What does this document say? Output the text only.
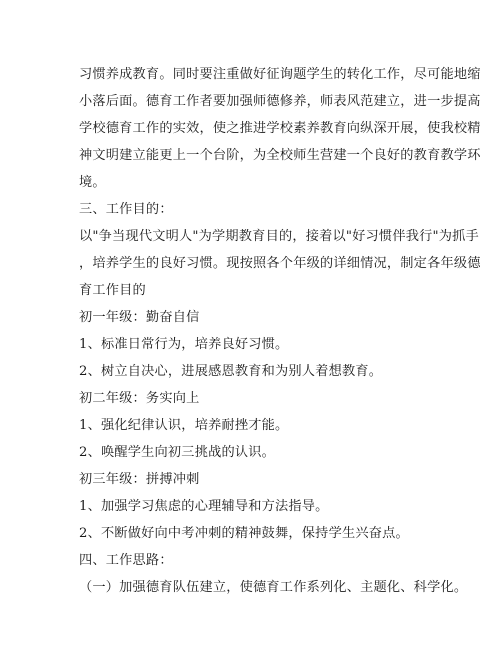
习惯养成教育。同时要注重做好征询题学生的转化工作，尽可能地缩
小落后面。德育工作者要加强师德修养，师表风范建立，进一步提高
学校德育工作的实效，使之推进学校素养教育向纵深开展，使我校精
神文明建立能更上一个台阶，为全校师生营建一个良好的教育教学环
境。
三、工作目的：
以"争当现代文明人"为学期教育目的，接着以"好习惯伴我行"为抓手
，培养学生的良好习惯。现按照各个年级的详细情况，制定各年级德
育工作目的
初一年级：勤奋自信
1、标准日常行为，培养良好习惯。
2、树立自决心，进展感恩教育和为别人着想教育。
初二年级：务实向上
1、强化纪律认识，培养耐挫才能。
2、唤醒学生向初三挑战的认识。
初三年级：拼搏冲刺
1、加强学习焦虑的心理辅导和方法指导。
2、不断做好向中考冲刺的精神鼓舞，保持学生兴奋点。
四、工作思路：
（一）加强德育队伍建立，使德育工作系列化、主题化、科学化。
